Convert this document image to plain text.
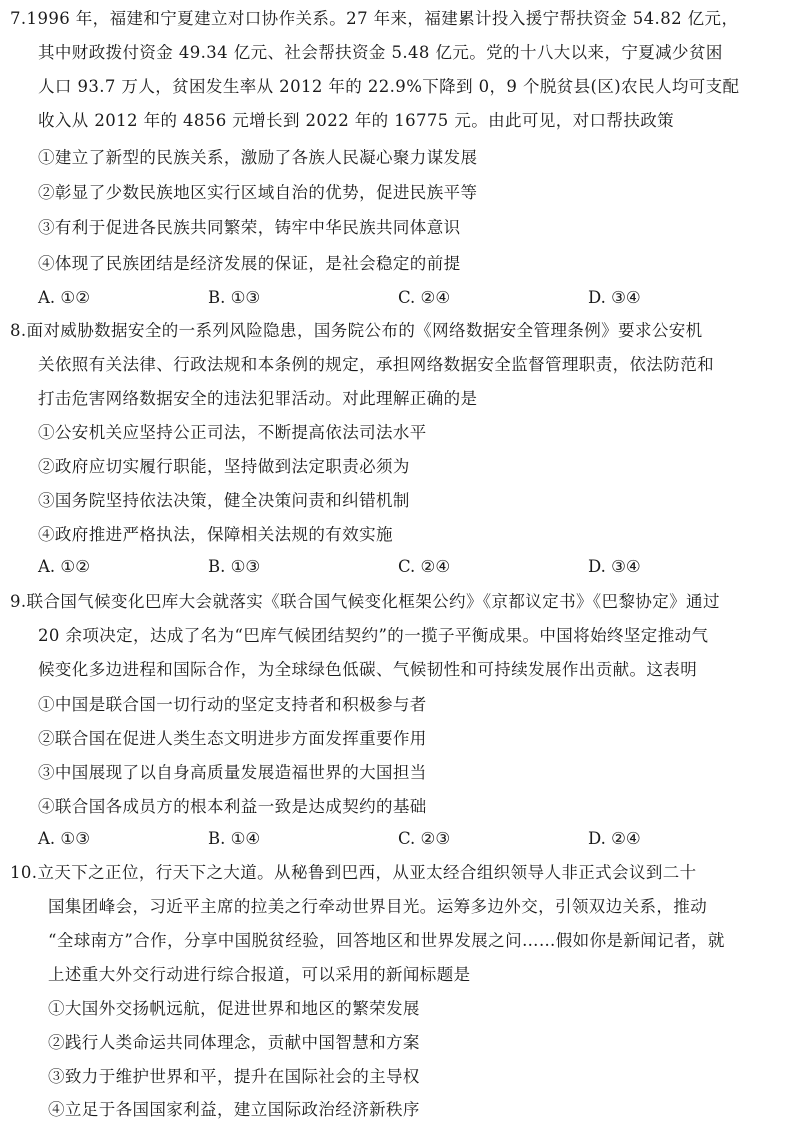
7.1996 年，福建和宁夏建立对口协作关系。27 年来，福建累计投入援宁帮扶资金 54.82 亿元，
其中财政拨付资金 49.34 亿元、社会帮扶资金 5.48 亿元。党的十八大以来，宁夏减少贫困
人口 93.7 万人，贫困发生率从 2012 年的 22.9%下降到 0，9 个脱贫县(区)农民人均可支配
收入从 2012 年的 4856 元增长到 2022 年的 16775 元。由此可见，对口帮扶政策
①建立了新型的民族关系，激励了各族人民凝心聚力谋发展
②彰显了少数民族地区实行区域自治的优势，促进民族平等
③有利于促进各民族共同繁荣，铸牢中华民族共同体意识
④体现了民族团结是经济发展的保证，是社会稳定的前提
A. ①②	B. ①③	C. ②④	D. ③④
8.面对威胁数据安全的一系列风险隐患，国务院公布的《网络数据安全管理条例》要求公安机
关依照有关法律、行政法规和本条例的规定，承担网络数据安全监督管理职责，依法防范和
打击危害网络数据安全的违法犯罪活动。对此理解正确的是
①公安机关应坚持公正司法，不断提高依法司法水平
②政府应切实履行职能，坚持做到法定职责必须为
③国务院坚持依法决策，健全决策问责和纠错机制
④政府推进严格执法，保障相关法规的有效实施
A. ①②	B. ①③	C. ②④	D. ③④
9.联合国气候变化巴库大会就落实《联合国气候变化框架公约》《京都议定书》《巴黎协定》通过
20 余项决定，达成了名为“巴库气候团结契约”的一揽子平衡成果。中国将始终坚定推动气
候变化多边进程和国际合作，为全球绿色低碳、气候韧性和可持续发展作出贡献。这表明
①中国是联合国一切行动的坚定支持者和积极参与者
②联合国在促进人类生态文明进步方面发挥重要作用
③中国展现了以自身高质量发展造福世界的大国担当
④联合国各成员方的根本利益一致是达成契约的基础
A. ①③	B. ①④	C. ②③	D. ②④
10.立天下之正位，行天下之大道。从秘鲁到巴西，从亚太经合组织领导人非正式会议到二十
国集团峰会，习近平主席的拉美之行牵动世界目光。运筹多边外交，引领双边关系，推动
“全球南方”合作，分享中国脱贫经验，回答地区和世界发展之问……假如你是新闻记者，就
上述重大外交行动进行综合报道，可以采用的新闻标题是
①大国外交扬帆远航，促进世界和地区的繁荣发展
②践行人类命运共同体理念，贡献中国智慧和方案
③致力于维护世界和平，提升在国际社会的主导权
④立足于各国国家利益，建立国际政治经济新秩序
